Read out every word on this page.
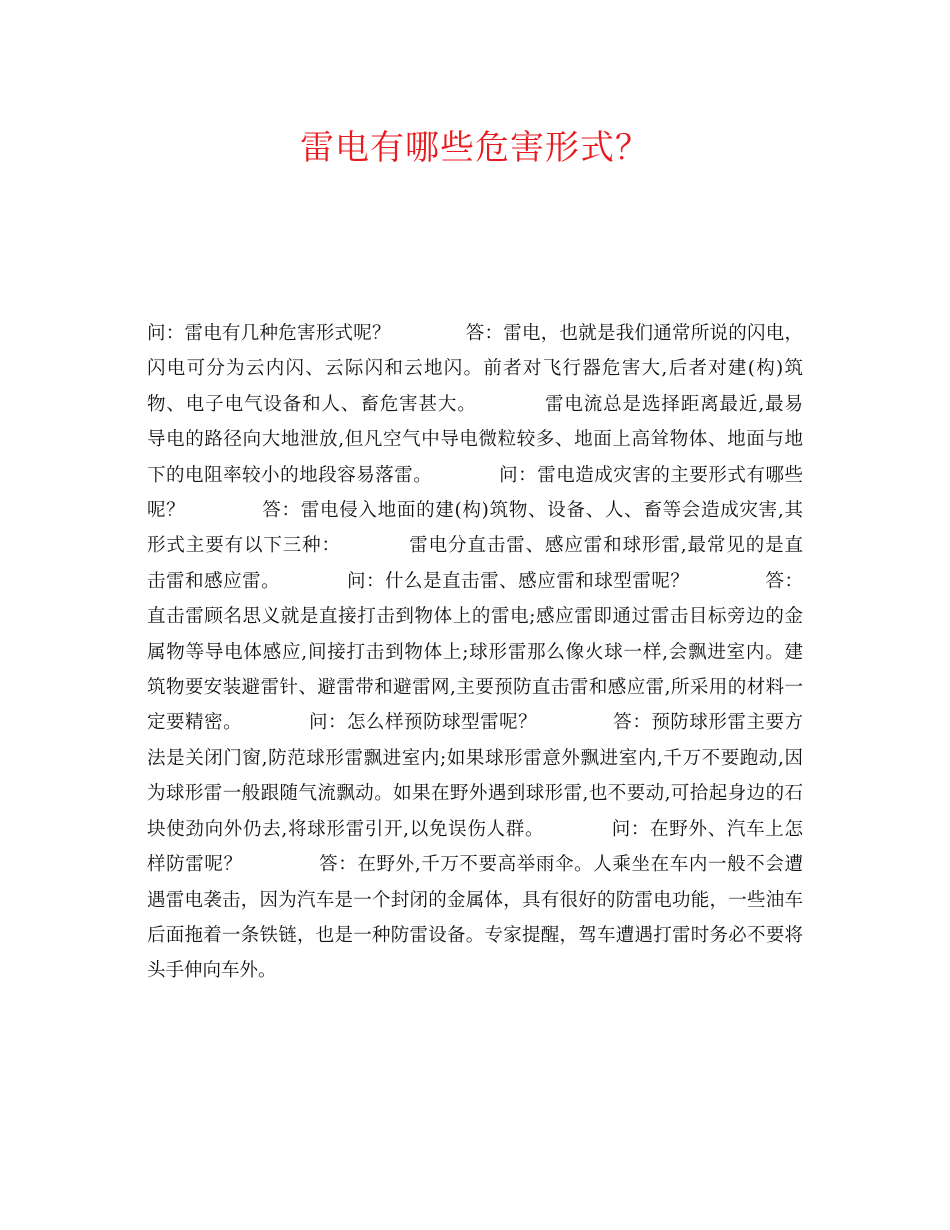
雷电有哪些危害形式？
问：雷电有几种危害形式呢？　　　　答：雷电，也就是我们通常所说的闪电，
闪电可分为云内闪、云际闪和云地闪。前者对飞行器危害大,后者对建(构)筑
物、电子电气设备和人、畜危害甚大。　　　　雷电流总是选择距离最近,最易
导电的路径向大地泄放,但凡空气中导电微粒较多、地面上高耸物体、地面与地
下的电阻率较小的地段容易落雷。　　　　问：雷电造成灾害的主要形式有哪些
呢？　　　　答：雷电侵入地面的建(构)筑物、设备、人、畜等会造成灾害,其
形式主要有以下三种：　　　　雷电分直击雷、感应雷和球形雷,最常见的是直
击雷和感应雷。　　　　问：什么是直击雷、感应雷和球型雷呢？　　　　答：
直击雷顾名思义就是直接打击到物体上的雷电;感应雷即通过雷击目标旁边的金
属物等导电体感应,间接打击到物体上;球形雷那么像火球一样,会飘进室内。建
筑物要安装避雷针、避雷带和避雷网,主要预防直击雷和感应雷,所采用的材料一
定要精密。　　　　问：怎么样预防球型雷呢？　　　　答：预防球形雷主要方
法是关闭门窗,防范球形雷飘进室内;如果球形雷意外飘进室内,千万不要跑动,因
为球形雷一般跟随气流飘动。如果在野外遇到球形雷,也不要动,可拾起身边的石
块使劲向外仍去,将球形雷引开,以免误伤人群。　　　　问：在野外、汽车上怎
样防雷呢？　　　　答：在野外,千万不要高举雨伞。人乘坐在车内一般不会遭
遇雷电袭击，因为汽车是一个封闭的金属体，具有很好的防雷电功能，一些油车
后面拖着一条铁链，也是一种防雷设备。专家提醒，驾车遭遇打雷时务必不要将
头手伸向车外。
